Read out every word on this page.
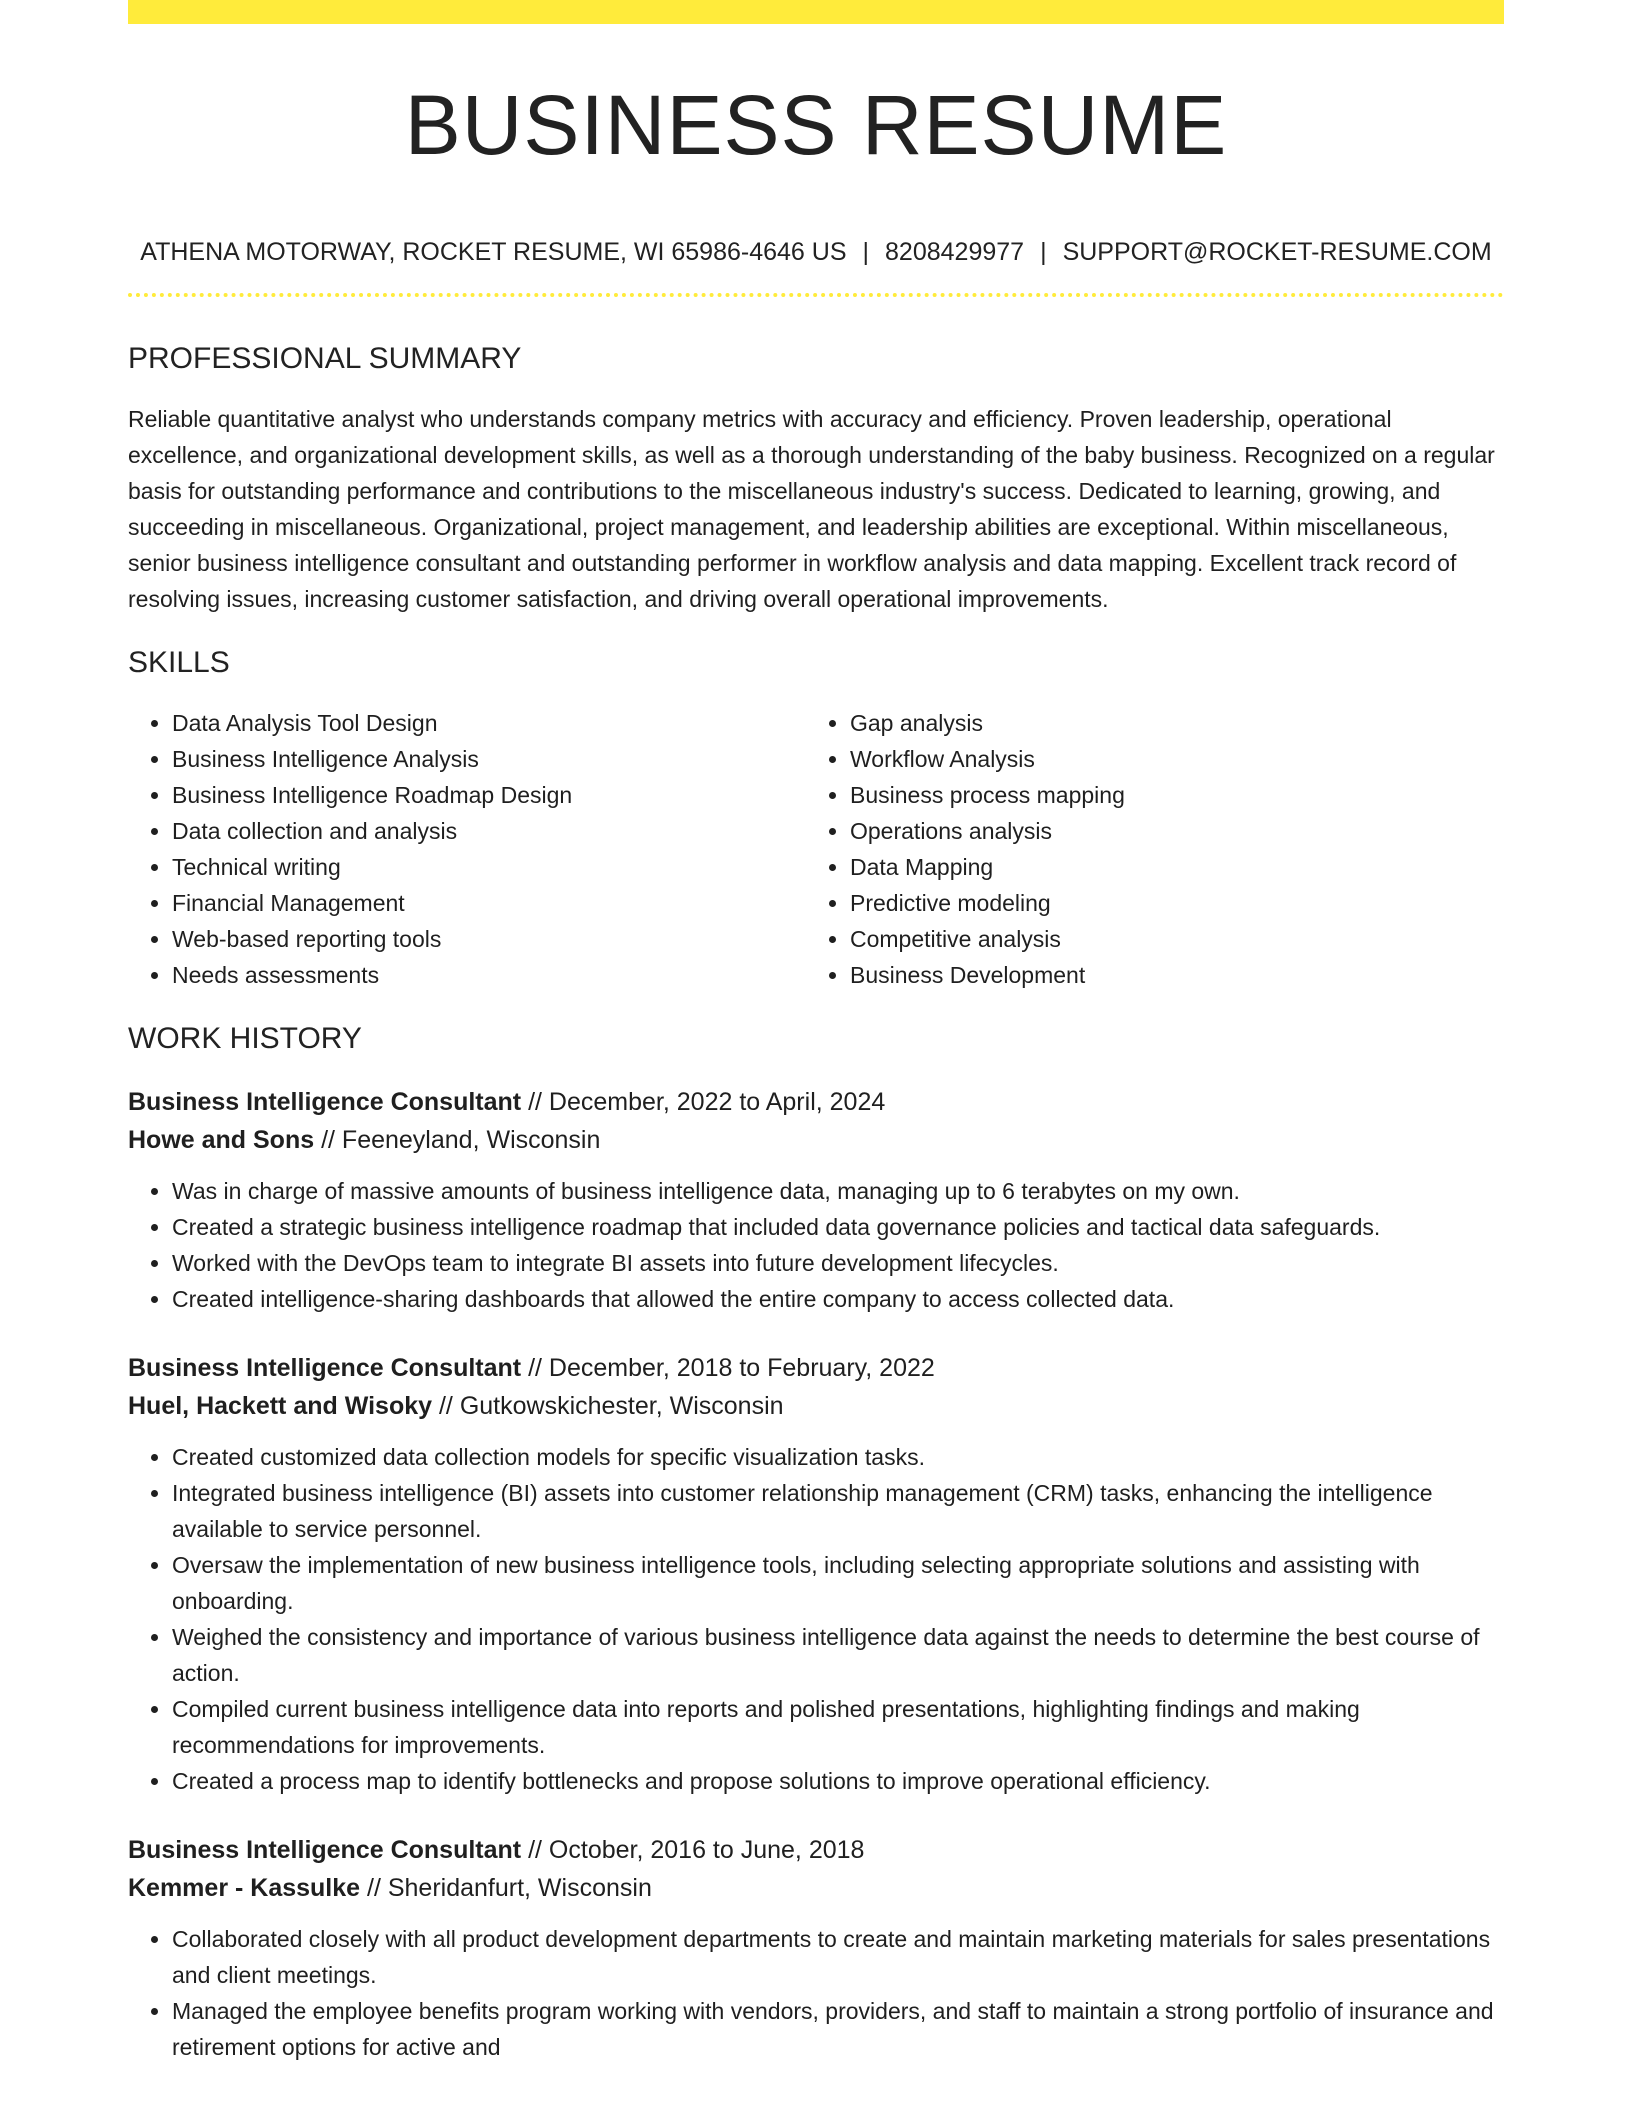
BUSINESS RESUME
ATHENA MOTORWAY, ROCKET RESUME, WI 65986-4646 US | 8208429977 | SUPPORT@ROCKET-RESUME.COM
PROFESSIONAL SUMMARY

Reliable quantitative analyst who understands company metrics with accuracy and efficiency. Proven leadership, operational excellence, and organizational development skills, as well as a thorough understanding of the baby business. Recognized on a regular basis for outstanding performance and contributions to the miscellaneous industry's success. Dedicated to learning, growing, and succeeding in miscellaneous. Organizational, project management, and leadership abilities are exceptional. Within miscellaneous, senior business intelligence consultant and outstanding performer in workflow analysis and data mapping. Excellent track record of resolving issues, increasing customer satisfaction, and driving overall operational improvements.

SKILLS
• Data Analysis Tool Design
• Business Intelligence Analysis
• Business Intelligence Roadmap Design
• Data collection and analysis
• Technical writing
• Financial Management
• Web-based reporting tools
• Needs assessments
• Gap analysis
• Workflow Analysis
• Business process mapping
• Operations analysis
• Data Mapping
• Predictive modeling
• Competitive analysis
• Business Development
WORK HISTORY
Business Intelligence Consultant // December, 2022 to April, 2024
Howe and Sons // Feeneyland, Wisconsin
• Was in charge of massive amounts of business intelligence data, managing up to 6 terabytes on my own.
• Created a strategic business intelligence roadmap that included data governance policies and tactical data safeguards.
• Worked with the DevOps team to integrate BI assets into future development lifecycles.
• Created intelligence-sharing dashboards that allowed the entire company to access collected data.
Business Intelligence Consultant // December, 2018 to February, 2022
Huel, Hackett and Wisoky // Gutkowskichester, Wisconsin
• Created customized data collection models for specific visualization tasks.
• Integrated business intelligence (BI) assets into customer relationship management (CRM) tasks, enhancing the intelligence available to service personnel.
• Oversaw the implementation of new business intelligence tools, including selecting appropriate solutions and assisting with onboarding.
• Weighed the consistency and importance of various business intelligence data against the needs to determine the best course of action.
• Compiled current business intelligence data into reports and polished presentations, highlighting findings and making recommendations for improvements.
• Created a process map to identify bottlenecks and propose solutions to improve operational efficiency.
Business Intelligence Consultant // October, 2016 to June, 2018
Kemmer - Kassulke // Sheridanfurt, Wisconsin
• Collaborated closely with all product development departments to create and maintain marketing materials for sales presentations and client meetings.
• Managed the employee benefits program working with vendors, providers, and staff to maintain a strong portfolio of insurance and retirement options for active and
